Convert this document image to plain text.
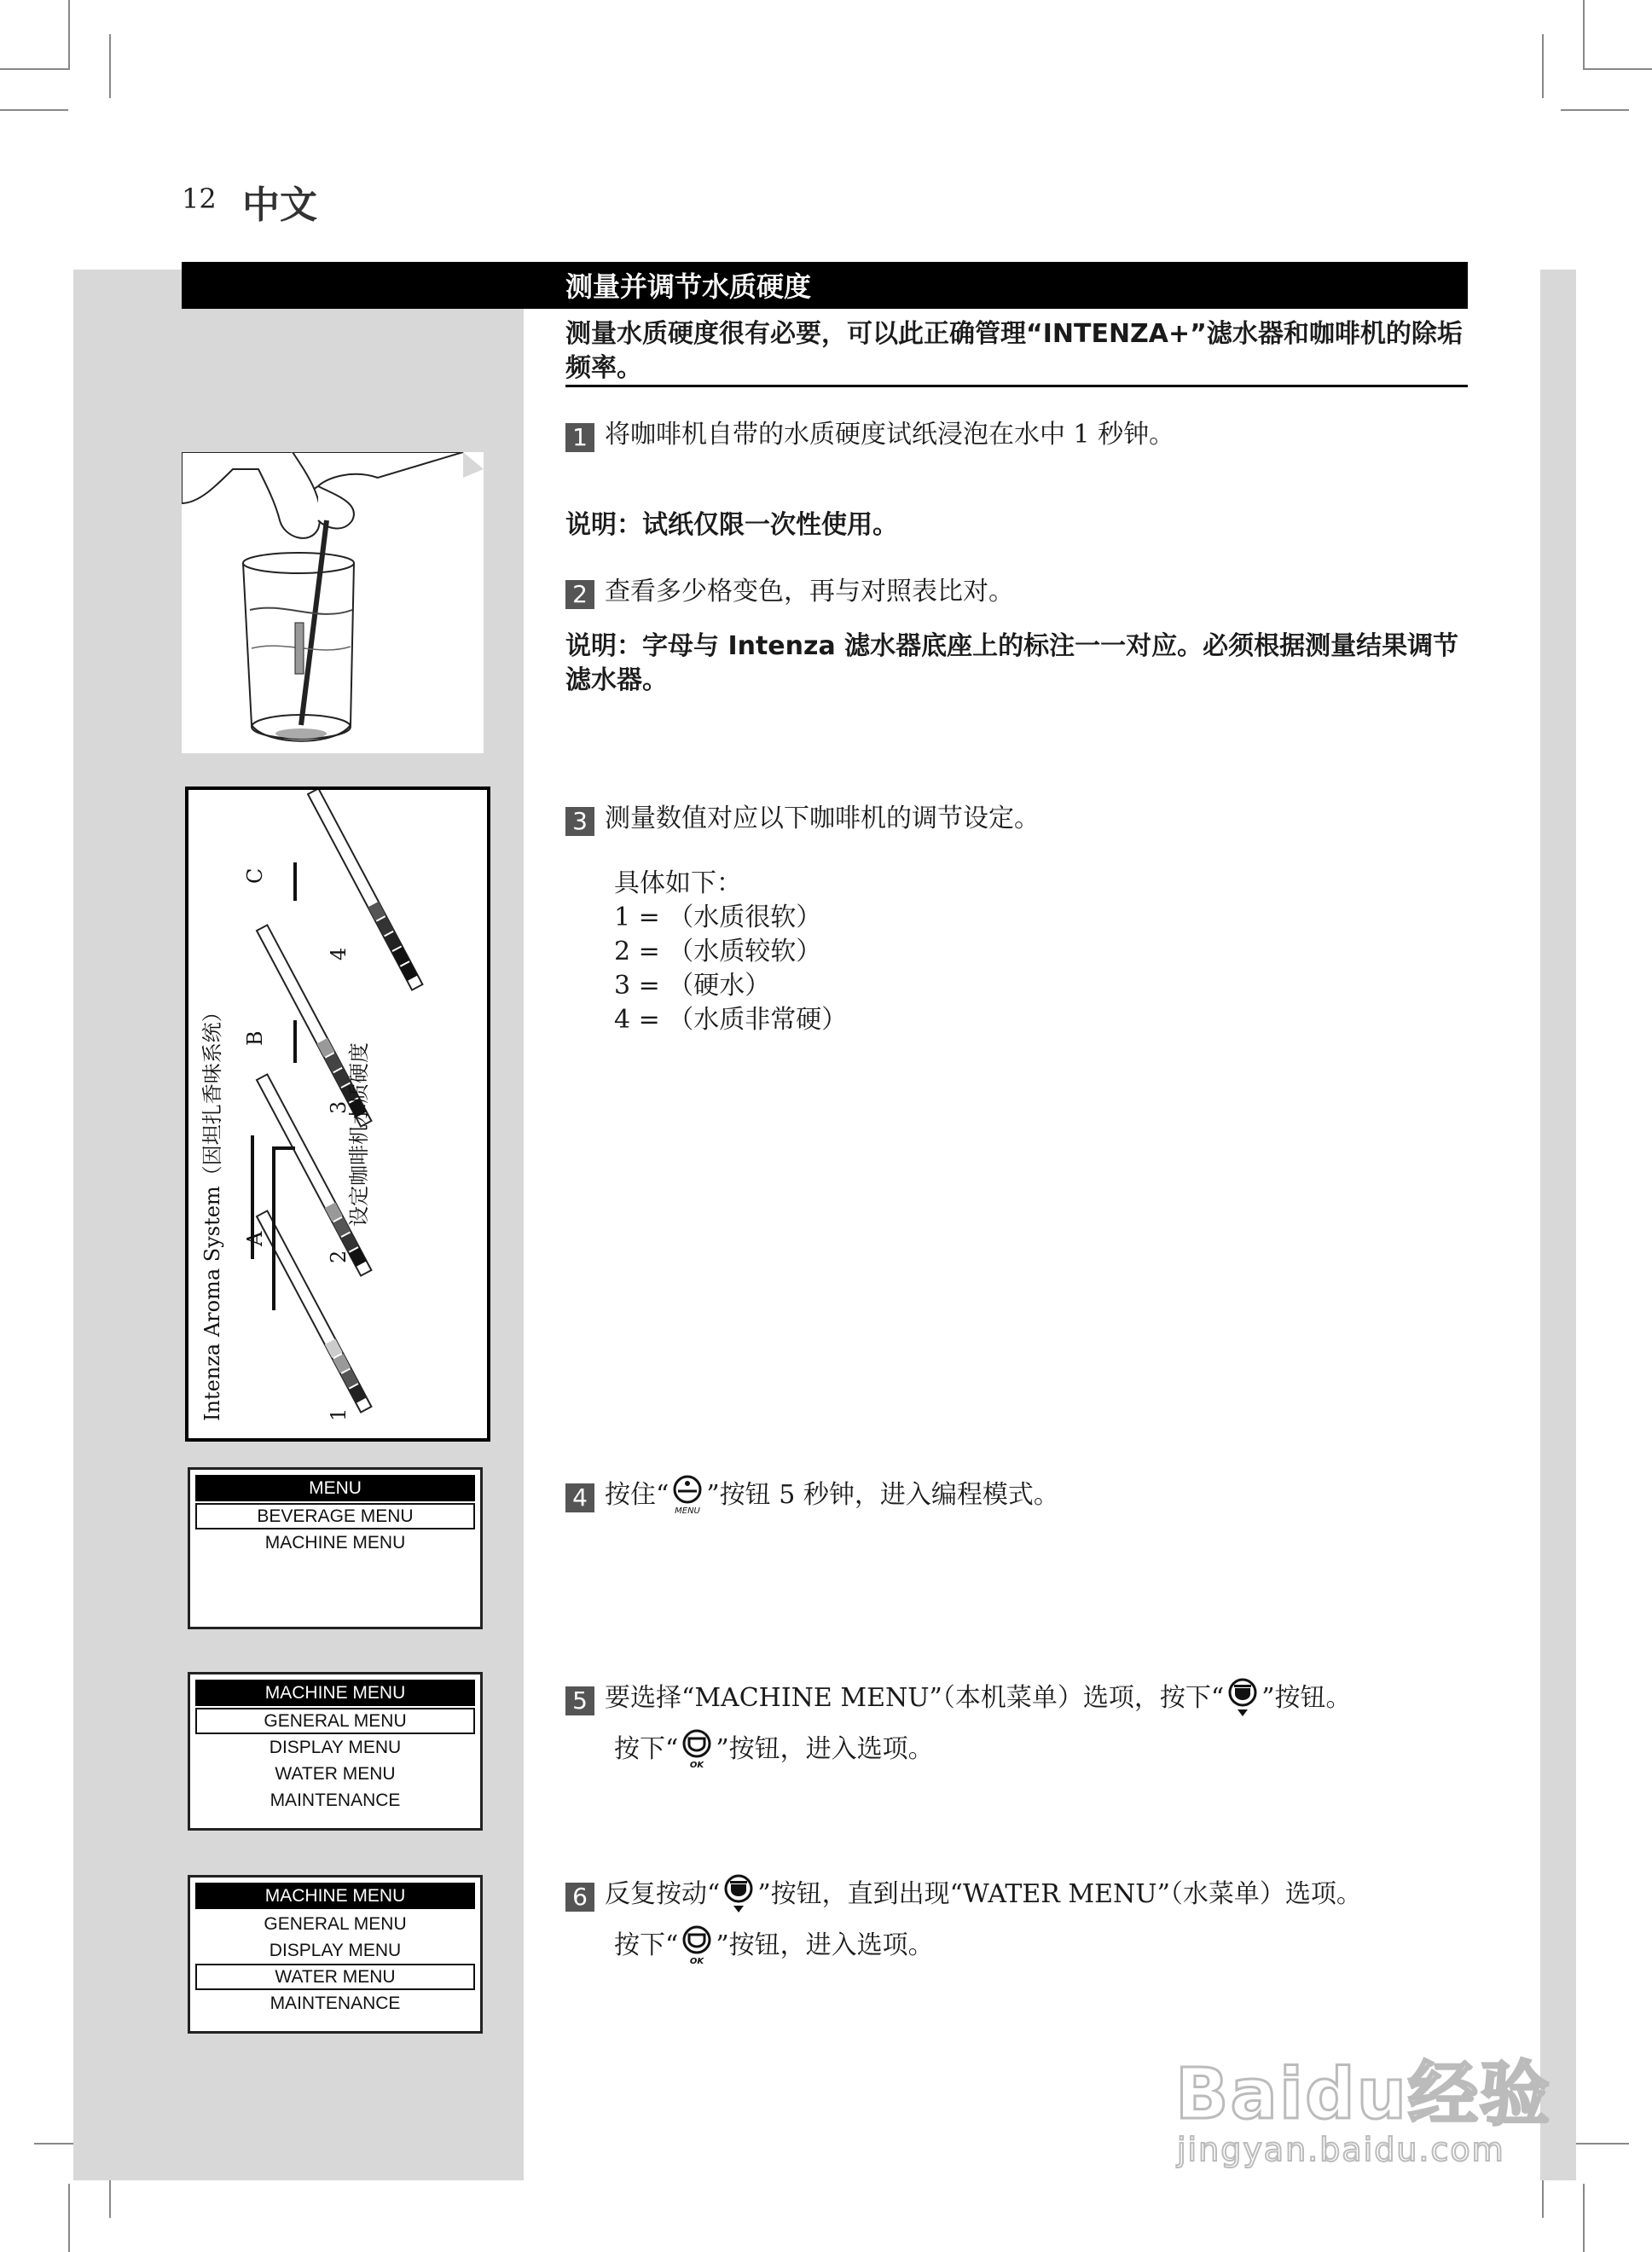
12 中文
测量并调节水质硬度
测量水质硬度很有必要，可以此正确管理“INTENZA+”滤水器和咖啡机的除垢频率。
1 将咖啡机自带的水质硬度试纸浸泡在水中 1 秒钟。
说明：试纸仅限一次性使用。
2 查看多少格变色，再与对照表比对。
说明：字母与 Intenza 滤水器底座上的标注一一对应。必须根据测量结果调节滤水器。
3 测量数值对应以下咖啡机的调节设定。
具体如下：
1 = （水质很软）
2 = （水质较软）
3 = （硬水）
4 = （水质非常硬）
4 按住“
MENU
”按钮 5 秒钟，进入编程模式。
5 要选择“MACHINE MENU”（本机菜单）选项，按下“ ”按钮。
按下“
OK
”按钮，进入选项。
6 反复按动“ ”按钮，直到出现“WATER MENU”（水菜单）选项。
按下“
OK
”按钮，进入选项。
Intenza Aroma System（因坦扎香味系统） A
B
C
设定咖啡机水质硬度
1
2
3
4
MENU
BEVERAGE MENU
MACHINE MENU
MACHINE MENU
GENERAL MENU
DISPLAY MENU
WATER MENU
MAINTENANCE
MACHINE MENU
GENERAL MENU
DISPLAY MENU
WATER MENU
MAINTENANCE
Baidu经验
jingyan.baidu.com
